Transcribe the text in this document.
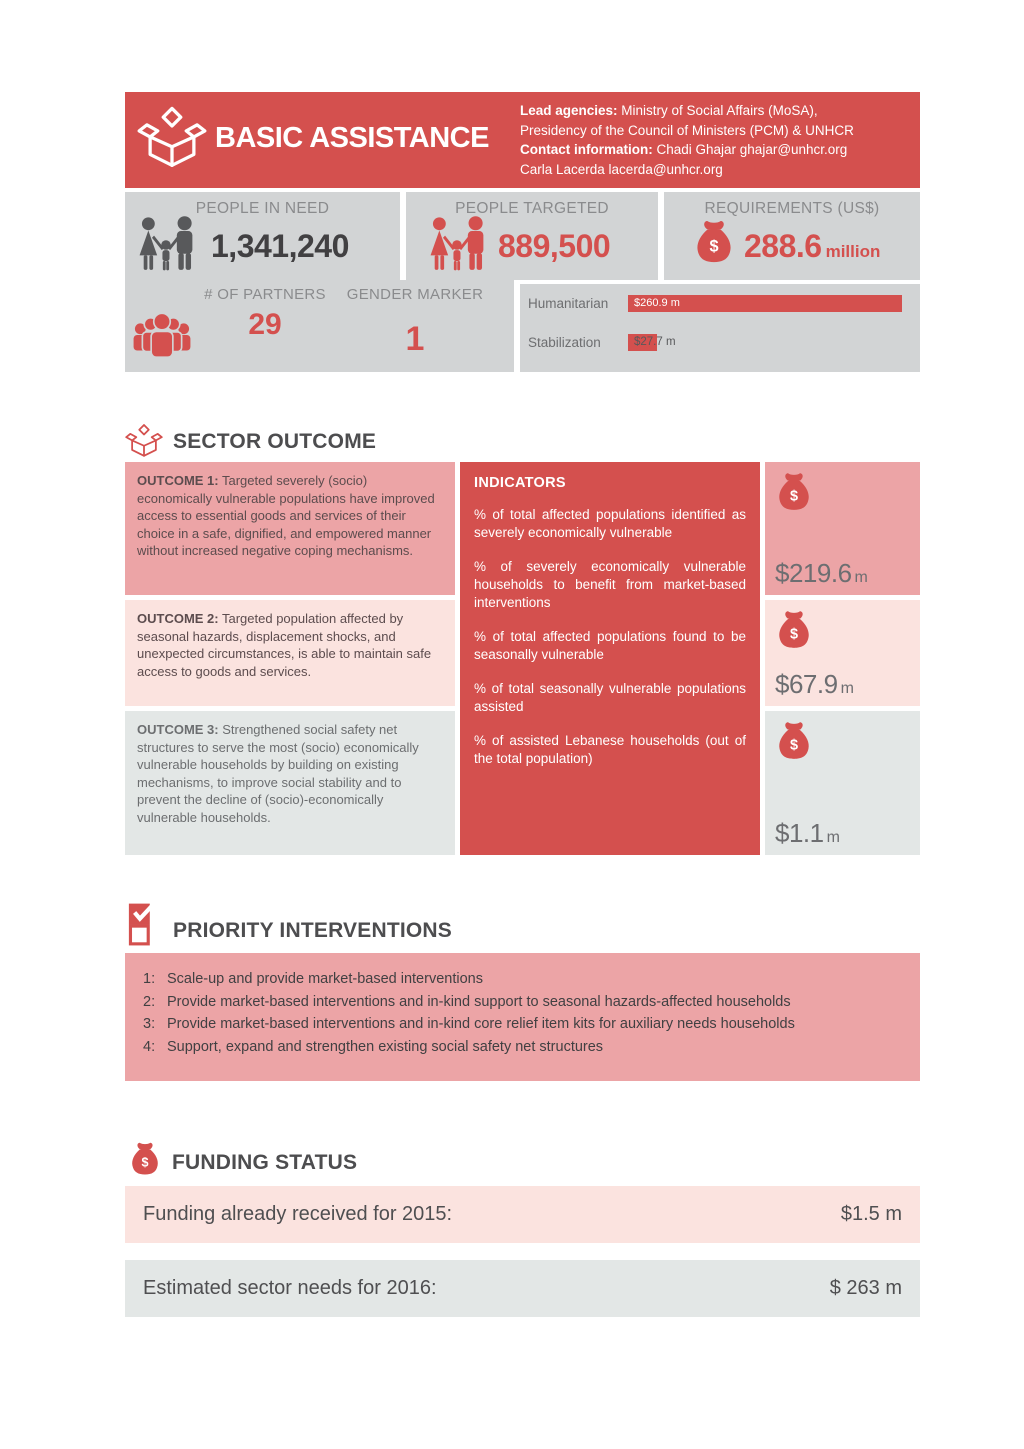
BASIC ASSISTANCE
Lead agencies: Ministry of Social Affairs (MoSA),
Presidency of the Council of Ministers (PCM) & UNHCR
Contact information: Chadi Ghajar ghajar@unhcr.org
Carla Lacerda lacerda@unhcr.org
PEOPLE IN NEED
1,341,240
PEOPLE TARGETED
889,500
REQUIREMENTS (US$)
288.6 million
# OF PARTNERS
29
GENDER MARKER
1
Humanitarian	$260.9 m
Stabilization	$27.7 m
SECTOR OUTCOME
OUTCOME 1: Targeted severely (socio) economically vulnerable populations have improved access to essential goods and services of their choice in a safe, dignified, and empowered manner without increased negative coping mechanisms.
OUTCOME 2: Targeted population affected by seasonal hazards, displacement shocks, and unexpected circumstances, is able to maintain safe access to goods and services.
OUTCOME 3: Strengthened social safety net structures to serve the most (socio) economically vulnerable households by building on existing mechanisms, to improve social stability and to prevent the decline of (socio)-economically vulnerable households.
INDICATORS

% of total affected populations identified as severely economically vulnerable

% of severely economically vulnerable households to benefit from market-based interventions

% of total affected populations found to be seasonally vulnerable

% of total seasonally vulnerable populations assisted

% of assisted Lebanese households (out of the total population)

$219.6 m
$67.9 m
$1.1 m
PRIORITY INTERVENTIONS
1: Scale-up and provide market-based interventions
2: Provide market-based interventions and in-kind support to seasonal hazards-affected households
3: Provide market-based interventions and in-kind core relief item kits for auxiliary needs households
4: Support, expand and strengthen existing social safety net structures
FUNDING STATUS
Funding already received for 2015:	$1.5 m
Estimated sector needs for 2016:	$ 263 m
